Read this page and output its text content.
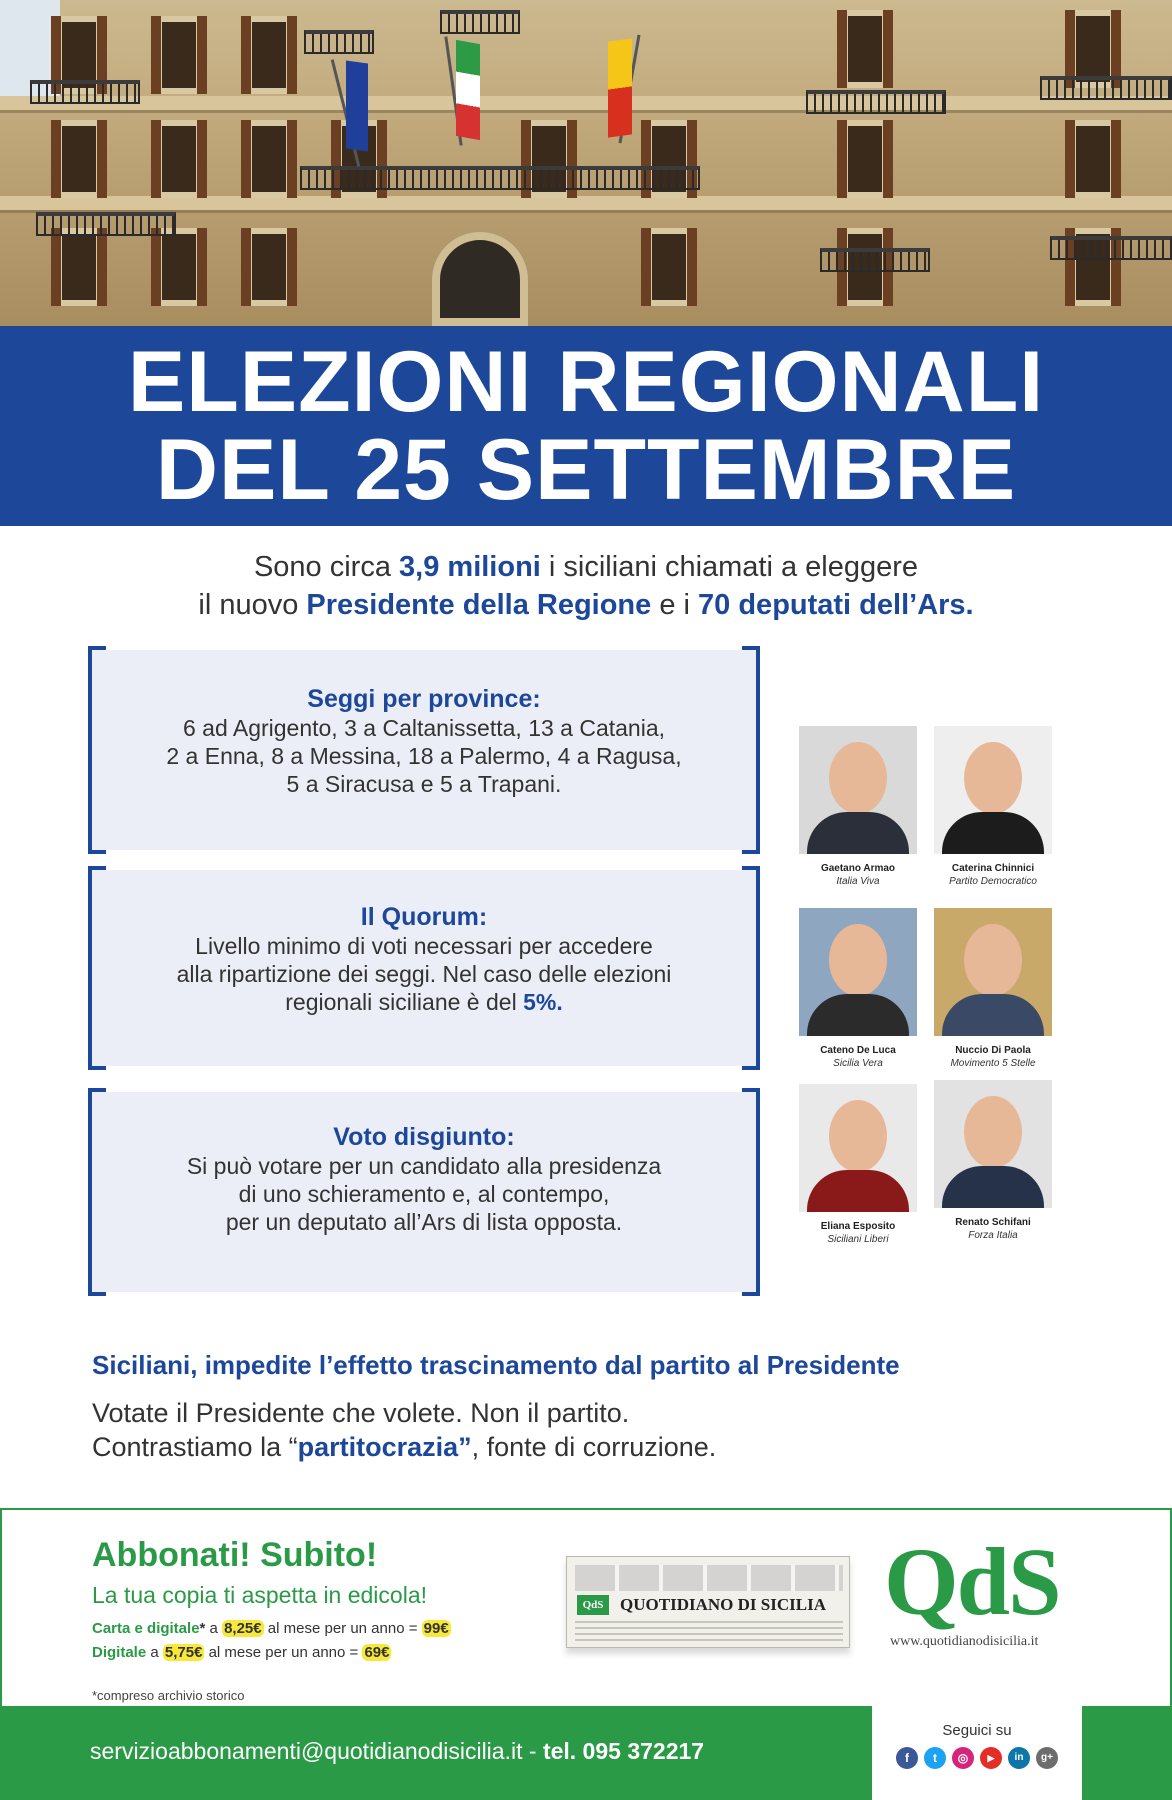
ELEZIONI REGIONALI
DEL 25 SETTEMBRE
Sono circa 3,9 milioni i siciliani chiamati a eleggere
il nuovo Presidente della Regione e i 70 deputati dell’Ars.
Seggi per province:
6 ad Agrigento, 3 a Caltanissetta, 13 a Catania,
2 a Enna, 8 a Messina, 18 a Palermo, 4 a Ragusa,
5 a Siracusa e 5 a Trapani.
Il Quorum:
Livello minimo di voti necessari per accedere
alla ripartizione dei seggi. Nel caso delle elezioni
regionali siciliane è del 5%.
Voto disgiunto:
Si può votare per un candidato alla presidenza
di uno schieramento e, al contempo,
per un deputato all’Ars di lista opposta.
Gaetano Armao
Italia Viva
Caterina Chinnici
Partito Democratico
Cateno De Luca
Sicilia Vera
Nuccio Di Paola
Movimento 5 Stelle
Eliana Esposito
Siciliani Liberi
Renato Schifani
Forza Italia
Siciliani, impedite l’effetto trascinamento dal partito al Presidente
Votate il Presidente che volete. Non il partito.
Contrastiamo la “partitocrazia”, fonte di corruzione.
Abbonati! Subito!
La tua copia ti aspetta in edicola!
Carta e digitale* a 8,25€ al mese per un anno = 99€
Digitale a 5,75€ al mese per un anno = 69€
*compreso archivio storico
QdS QUOTIDIANO DI SICILIA QdS
www.quotidianodisicilia.it
servizioabbonamenti@quotidianodisicilia.it - tel. 095 372217
Seguici su
f	t	◎	▶	in	g+
